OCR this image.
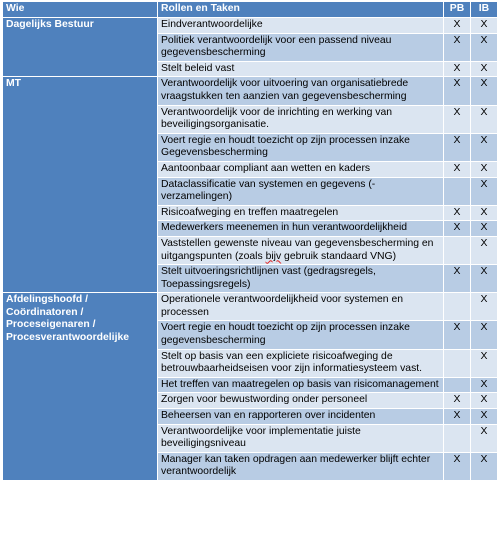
Wie	Rollen en Taken	PB	IB
Dagelijks Bestuur	Eindverantwoordelijke	X	X
	Politiek verantwoordelijk voor een passend niveau gegevensbescherming	X	X
	Stelt beleid vast	X	X
MT	Verantwoordelijk voor uitvoering van organisatiebrede vraagstukken ten aanzien van gegevensbescherming	X	X
	Verantwoordelijk voor de inrichting en werking van beveiligingsorganisatie.	X	X
	Voert regie en houdt toezicht op zijn processen inzake Gegevensbescherming	X	X
	Aantoonbaar compliant aan wetten en kaders	X	X
	Dataclassificatie van systemen en gegevens (-verzamelingen)		X
	Risicoafweging en treffen maatregelen	X	X
	Medewerkers meenemen in hun verantwoordelijkheid	X	X
	Vaststellen gewenste niveau van gegevensbescherming en uitgangspunten (zoals bijv gebruik standaard VNG)		X
	Stelt uitvoeringsrichtlijnen vast (gedragsregels, Toepassingsregels)	X	X

Afdelingshoofd /
Coördinatoren /
Proceseigenaren /
Procesverantwoordelijke	Operationele verantwoordelijkheid voor systemen en processen		X
	Voert regie en houdt toezicht op zijn processen inzake gegevensbescherming	X	X
	Stelt op basis van een expliciete risicoafweging de betrouwbaarheidseisen voor zijn informatiesysteem vast.		X
	Het treffen van maatregelen op basis van risicomanagement		X
	Zorgen voor bewustwording onder personeel	X	X
	Beheersen van en rapporteren over incidenten	X	X
	Verantwoordelijke voor implementatie juiste beveiligingsniveau		X
	Manager kan taken opdragen aan medewerker blijft echter verantwoordelijk	X	X
